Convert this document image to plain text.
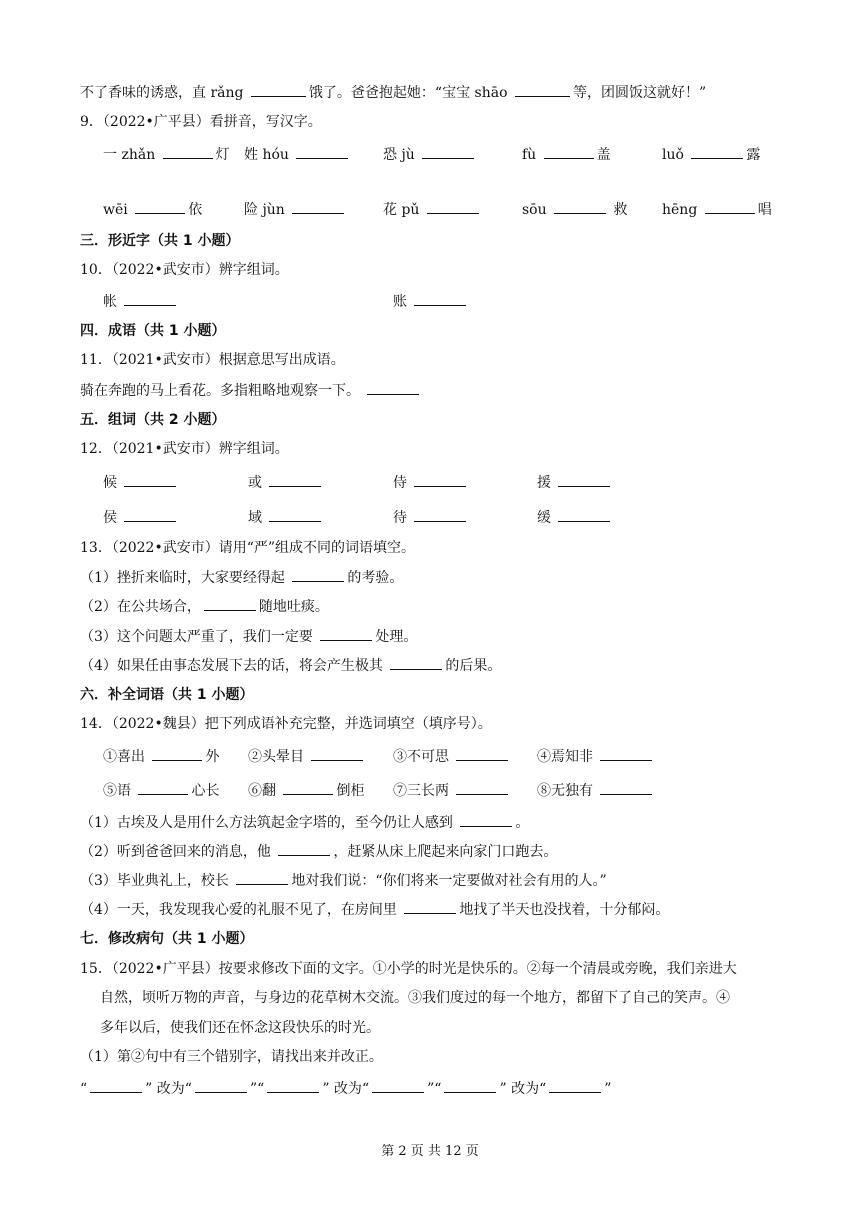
不了香味的诱惑，直 rǎng	饿了。爸爸抱起她：“宝宝 shāo	等，团圆饭这就好！”
9．（2022•广平县）看拼音，写汉字。
一 zhǎn	灯 姓 hóu	恐 jù	fù	盖	luǒ	露
wēi	依	险 jùn	花 pǔ	sōu	救 hēng	唱
三．形近字（共 1 小题）
10．（2022•武安市）辨字组词。
帐	账
四．成语（共 1 小题）
11．（2021•武安市）根据意思写出成语。
骑在奔跑的马上看花。多指粗略地观察一下。
五．组词（共 2 小题）
12．（2021•武安市）辨字组词。
候	或	侍	援
侯	域	待	缓
13．（2022•武安市）请用“严”组成不同的词语填空。
（1）挫折来临时，大家要经得起	的考验。
（2）在公共场合，	随地吐痰。
（3）这个问题太严重了，我们一定要	处理。
（4）如果任由事态发展下去的话，将会产生极其	的后果。
六．补全词语（共 1 小题）
14．（2022•魏县）把下列成语补充完整，并选词填空（填序号）。
①喜出	外 ②头晕目	③不可思	④焉知非
⑤语	心长 ⑥翻	倒柜 ⑦三长两	⑧无独有
（1）古埃及人是用什么方法筑起金字塔的，至今仍让人感到	。
（2）听到爸爸回来的消息，他	，赶紧从床上爬起来向家门口跑去。
（3）毕业典礼上，校长	地对我们说：“你们将来一定要做对社会有用的人。”
（4）一天，我发现我心爱的礼服不见了，在房间里	地找了半天也没找着，十分郁闷。
七．修改病句（共 1 小题）
15．（2022•广平县）按要求修改下面的文字。①小学的时光是快乐的。②每一个清晨或旁晚，我们亲进大
自然，顷听万物的声音，与身边的花草树木交流。③我们度过的每一个地方，都留下了自己的笑声。④
多年以后，使我们还在怀念这段快乐的时光。
（1）第②句中有三个错别字，请找出来并改正。
“	” 改为“	”“	” 改为“	”“	” 改为“	”
第 2 页 共 12 页
